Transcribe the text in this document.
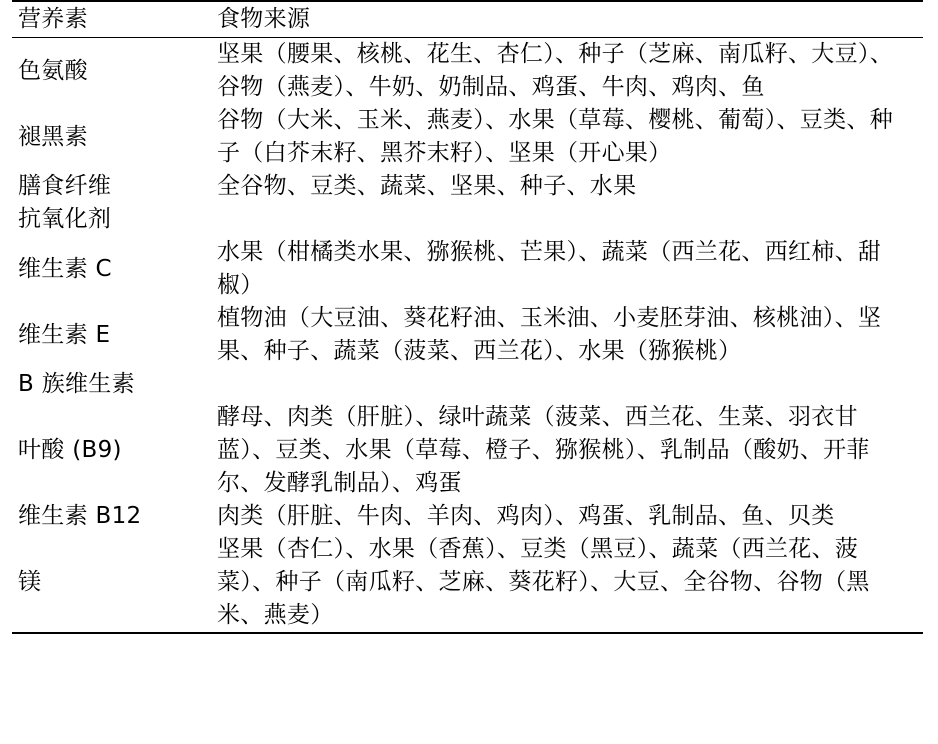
营养素	食物来源
色氨酸	坚果（腰果、核桃、花生、杏仁）、种子（芝麻、南瓜籽、大豆）、谷物（燕麦）、牛奶、奶制品、鸡蛋、牛肉、鸡肉、鱼
褪黑素	谷物（大米、玉米、燕麦）、水果（草莓、樱桃、葡萄）、豆类、种子（白芥末籽、黑芥末籽）、坚果（开心果）
膳食纤维	全谷物、豆类、蔬菜、坚果、种子、水果
抗氧化剂	
维生素 C	水果（柑橘类水果、猕猴桃、芒果）、蔬菜（西兰花、西红柿、甜椒）
维生素 E	植物油（大豆油、葵花籽油、玉米油、小麦胚芽油、核桃油）、坚果、种子、蔬菜（菠菜、西兰花）、水果（猕猴桃）
B 族维生素	
叶酸 (B9)	酵母、肉类（肝脏）、绿叶蔬菜（菠菜、西兰花、生菜、羽衣甘蓝）、豆类、水果（草莓、橙子、猕猴桃）、乳制品（酸奶、开菲尔、发酵乳制品）、鸡蛋
维生素 B12	肉类（肝脏、牛肉、羊肉、鸡肉）、鸡蛋、乳制品、鱼、贝类
镁	坚果（杏仁）、水果（香蕉）、豆类（黑豆）、蔬菜（西兰花、菠菜）、种子（南瓜籽、芝麻、葵花籽）、大豆、全谷物、谷物（黑米、燕麦）
